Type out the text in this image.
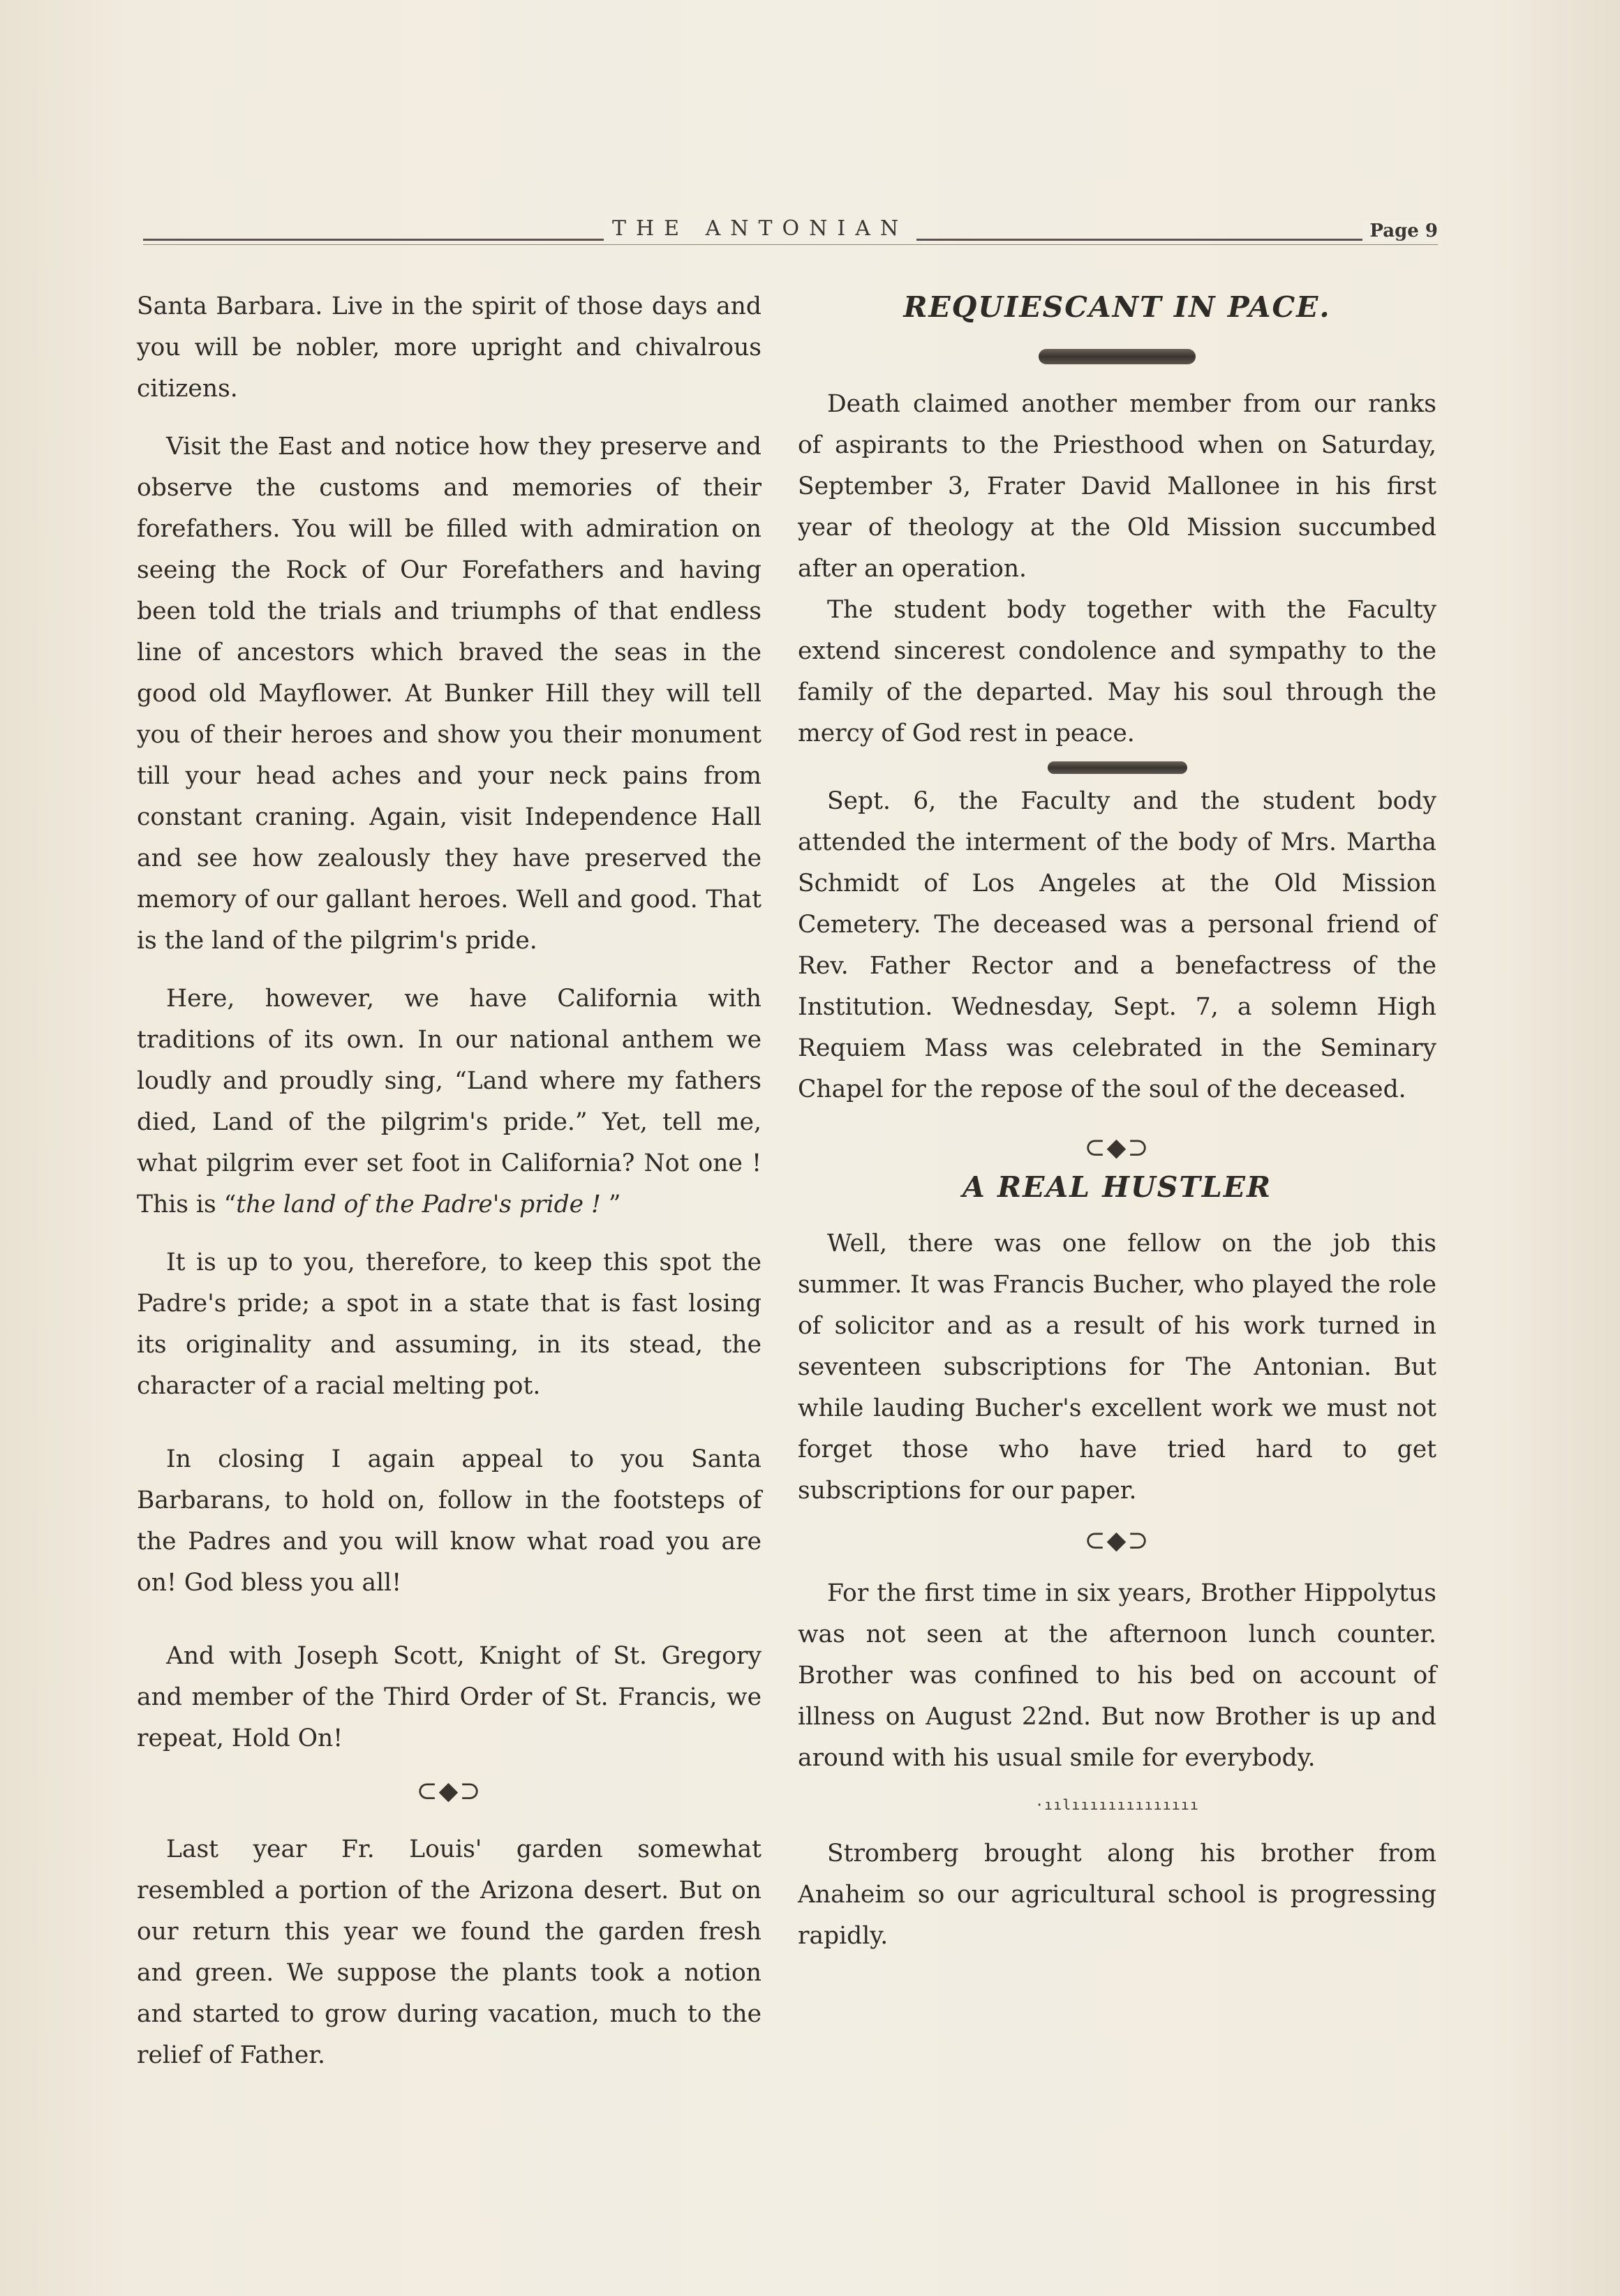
THE ANTONIAN	Page 9

Santa Barbara. Live in the spirit of those days and you will be nobler, more upright and chivalrous citizens.

Visit the East and notice how they preserve and observe the customs and memories of their forefathers. You will be filled with admiration on seeing the Rock of Our Forefathers and having been told the trials and triumphs of that endless line of ancestors which braved the seas in the good old Mayflower. At Bunker Hill they will tell you of their heroes and show you their monument till your head aches and your neck pains from constant craning. Again, visit Independence Hall and see how zealously they have preserved the memory of our gallant heroes. Well and good. That is the land of the pilgrim's pride.

Here, however, we have California with traditions of its own. In our national anthem we loudly and proudly sing, “Land where my fathers died, Land of the pilgrim's pride.” Yet, tell me, what pilgrim ever set foot in California? Not one ! This is “the land of the Padre's pride ! ”

It is up to you, therefore, to keep this spot the Padre's pride; a spot in a state that is fast losing its originality and assuming, in its stead, the character of a racial melting pot.

In closing I again appeal to you Santa Barbarans, to hold on, follow in the footsteps of the Padres and you will know what road you are on! God bless you all!

And with Joseph Scott, Knight of St. Gregory and member of the Third Order of St. Francis, we repeat, Hold On!

⊂◆⊃

Last year Fr. Louis' garden somewhat resembled a portion of the Arizona desert. But on our return this year we found the garden fresh and green. We suppose the plants took a notion and started to grow during vacation, much to the relief of Father.

REQUIESCANT IN PACE.

Death claimed another member from our ranks of aspirants to the Priesthood when on Saturday, September 3, Frater David Mallonee in his first year of theology at the Old Mission succumbed after an operation.

The student body together with the Faculty extend sincerest condolence and sympathy to the family of the departed. May his soul through the mercy of God rest in peace.

Sept. 6, the Faculty and the student body attended the interment of the body of Mrs. Martha Schmidt of Los Angeles at the Old Mission Cemetery. The deceased was a personal friend of Rev. Father Rector and a benefactress of the Institution. Wednesday, Sept. 7, a solemn High Requiem Mass was celebrated in the Seminary Chapel for the repose of the soul of the deceased.

⊂◆⊃
A REAL HUSTLER

Well, there was one fellow on the job this summer. It was Francis Bucher, who played the role of solicitor and as a result of his work turned in seventeen subscriptions for The Antonian. But while lauding Bucher's excellent work we must not forget those who have tried hard to get subscriptions for our paper.

⊂◆⊃

For the first time in six years, Brother Hippolytus was not seen at the afternoon lunch counter. Brother was confined to his bed on account of illness on August 22nd. But now Brother is up and around with his usual smile for everybody.

·ıılıııııııııııııı

Stromberg brought along his brother from Anaheim so our agricultural school is progressing rapidly.
